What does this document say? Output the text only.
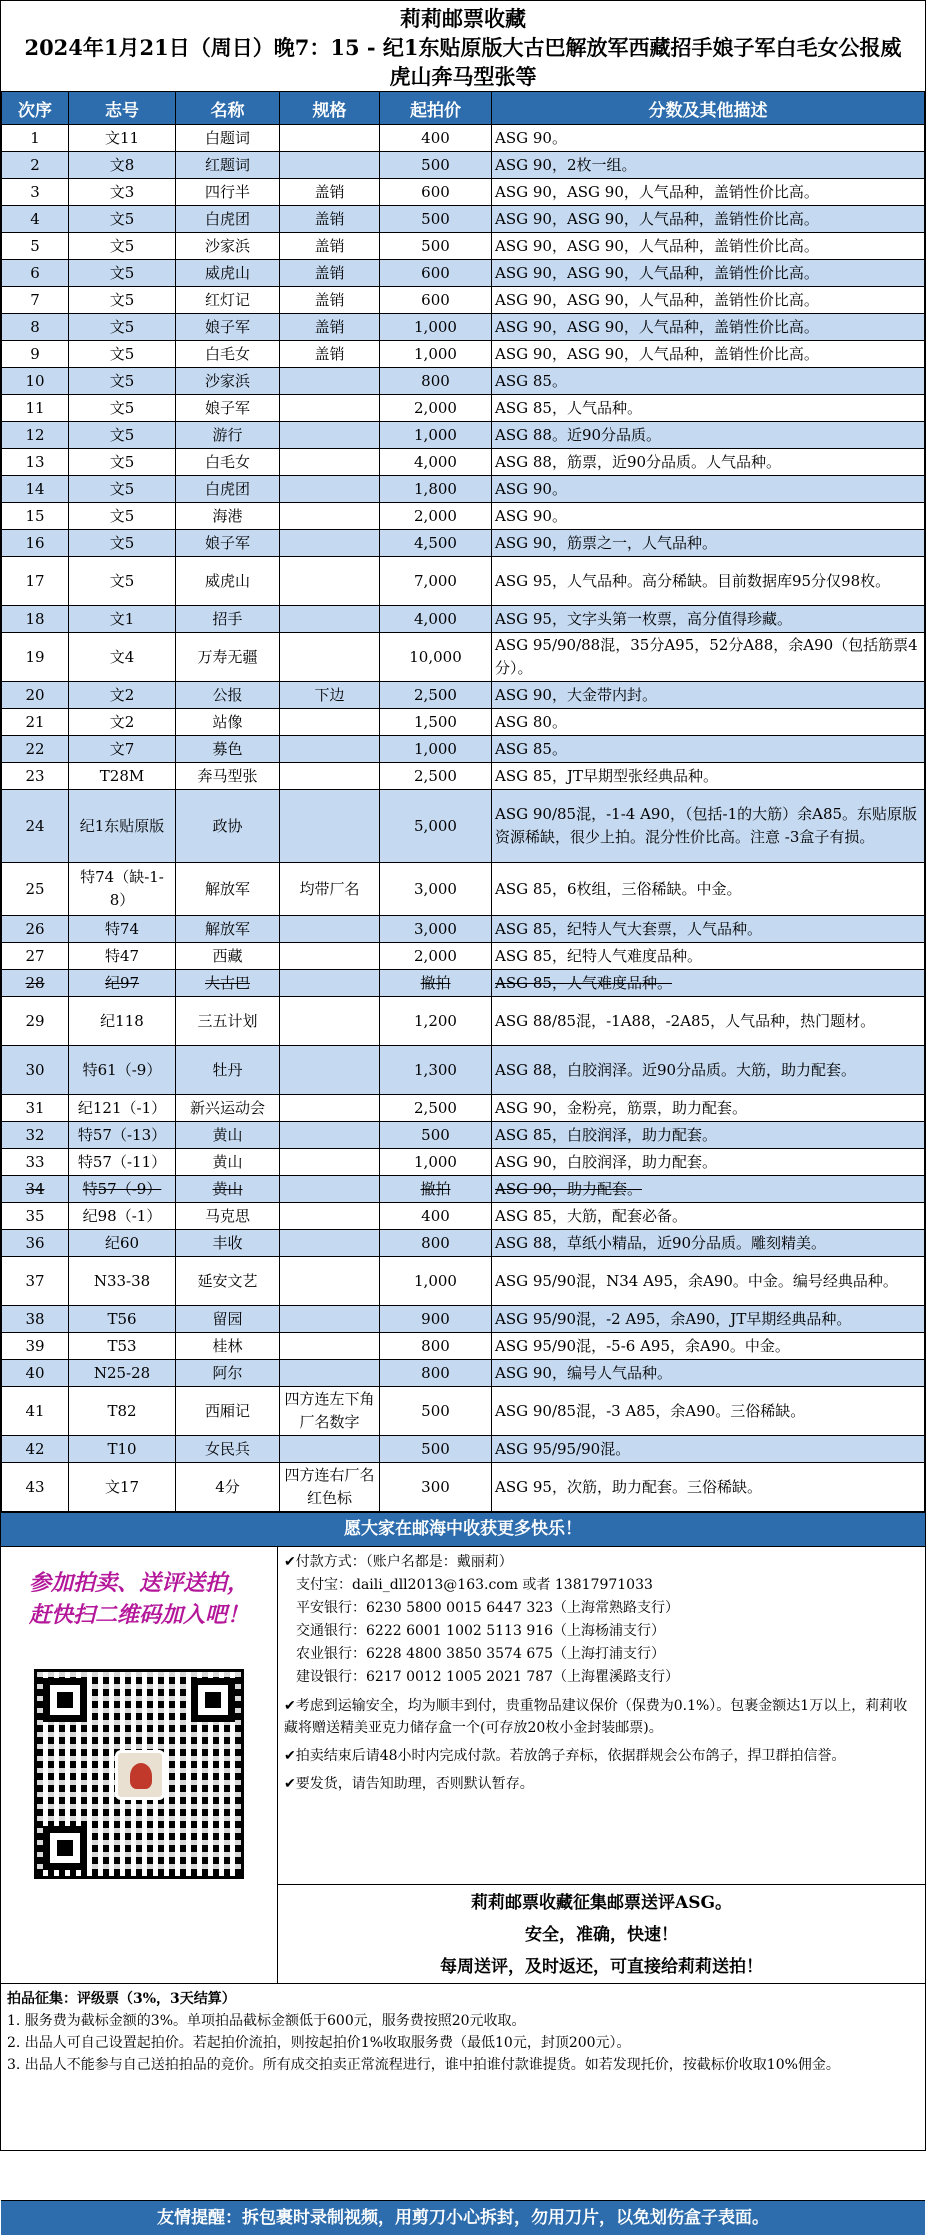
莉莉邮票收藏
2024年1月21日（周日）晚7：15 - 纪1东贴原版大古巴解放军西藏招手娘子军白毛女公报威
虎山奔马型张等
次序	志号	名称	规格	起拍价	分数及其他描述
1	文11	白题词		400	ASG 90。
2	文8	红题词		500	ASG 90，2枚一组。
3	文3	四行半	盖销	600	ASG 90，ASG 90，人气品种，盖销性价比高。
4	文5	白虎团	盖销	500	ASG 90，ASG 90，人气品种，盖销性价比高。
5	文5	沙家浜	盖销	500	ASG 90，ASG 90，人气品种，盖销性价比高。
6	文5	威虎山	盖销	600	ASG 90，ASG 90，人气品种，盖销性价比高。
7	文5	红灯记	盖销	600	ASG 90，ASG 90，人气品种，盖销性价比高。
8	文5	娘子军	盖销	1,000	ASG 90，ASG 90，人气品种，盖销性价比高。
9	文5	白毛女	盖销	1,000	ASG 90，ASG 90，人气品种，盖销性价比高。
10	文5	沙家浜		800	ASG 85。
11	文5	娘子军		2,000	ASG 85，人气品种。
12	文5	游行		1,000	ASG 88。近90分品质。
13	文5	白毛女		4,000	ASG 88，筋票，近90分品质。人气品种。
14	文5	白虎团		1,800	ASG 90。
15	文5	海港		2,000	ASG 90。
16	文5	娘子军		4,500	ASG 90，筋票之一，人气品种。
17	文5	威虎山		7,000	ASG 95，人气品种。高分稀缺。目前数据库95分仅98枚。
18	文1	招手		4,000	ASG 95，文字头第一枚票，高分值得珍藏。
19	文4	万寿无疆		10,000	ASG 95/90/88混，35分A95，52分A88，余A90（包括筋票4分）。
20	文2	公报	下边	2,500	ASG 90，大金带内封。
21	文2	站像		1,500	ASG 80。
22	文7	募色		1,000	ASG 85。
23	T28M	奔马型张		2,500	ASG 85，JT早期型张经典品种。
24	纪1东贴原版	政协		5,000	ASG 90/85混，-1-4 A90，（包括-1的大筋）余A85。东贴原版资源稀缺，很少上拍。混分性价比高。注意 -3盒子有损。
25	特74（缺-1-8）	解放军	均带厂名	3,000	ASG 85，6枚组，三俗稀缺。中金。
26	特74	解放军		3,000	ASG 85，纪特人气大套票，人气品种。
27	特47	西藏		2,000	ASG 85，纪特人气难度品种。
28	纪97	大古巴		撤拍	ASG 85，人气难度品种。
29	纪118	三五计划		1,200	ASG 88/85混，-1A88，-2A85，人气品种，热门题材。
30	特61（-9）	牡丹		1,300	ASG 88，白胶润泽。近90分品质。大筋，助力配套。
31	纪121（-1）	新兴运动会		2,500	ASG 90，金粉亮，筋票，助力配套。
32	特57（-13）	黄山		500	ASG 85，白胶润泽，助力配套。
33	特57（-11）	黄山		1,000	ASG 90，白胶润泽，助力配套。
34	特57（-9）	黄山		撤拍	ASG 90，助力配套。
35	纪98（-1）	马克思		400	ASG 85，大筋，配套必备。
36	纪60	丰收		800	ASG 88，草纸小精品，近90分品质。雕刻精美。
37	N33-38	延安文艺		1,000	ASG 95/90混，N34 A95，余A90。中金。编号经典品种。
38	T56	留园		900	ASG 95/90混，-2 A95，余A90，JT早期经典品种。
39	T53	桂林		800	ASG 95/90混，-5-6 A95，余A90。中金。
40	N25-28	阿尔		800	ASG 90，编号人气品种。
41	T82	西厢记	四方连左下角厂名数字	500	ASG 90/85混，-3 A85，余A90。三俗稀缺。
42	T10	女民兵		500	ASG 95/95/90混。
43	文17	4分	四方连右厂名红色标	300	ASG 95，次筋，助力配套。三俗稀缺。
愿大家在邮海中收获更多快乐！
参加拍卖、送评送拍，
赶快扫二维码加入吧！
✔付款方式：（账户名都是：戴丽莉）
支付宝：daili_dll2013@163.com 或者 13817971033
平安银行：6230 5800 0015 6447 323（上海常熟路支行）
交通银行：6222 6001 1002 5113 916（上海杨浦支行）
农业银行：6228 4800 3850 3574 675（上海打浦支行）
建设银行：6217 0012 1005 2021 787（上海瞿溪路支行）
✔考虑到运输安全，均为顺丰到付，贵重物品建议保价（保费为0.1%）。包裹金额达1万以上，莉莉收藏将赠送精美亚克力储存盒一个(可存放20枚小金封装邮票)。
✔拍卖结束后请48小时内完成付款。若放鸽子弃标，依据群规会公布鸽子，捍卫群拍信誉。
✔要发货，请告知助理，否则默认暂存。
莉莉邮票收藏征集邮票送评ASG。
安全，准确，快速！
每周送评，及时返还，可直接给莉莉送拍！
拍品征集：评级票（3%，3天结算）
1. 服务费为截标金额的3%。单项拍品截标金额低于600元，服务费按照20元收取。
2. 出品人可自己设置起拍价。若起拍价流拍，则按起拍价1%收取服务费（最低10元，封顶200元）。
3. 出品人不能参与自己送拍拍品的竞价。所有成交拍卖正常流程进行，谁中拍谁付款谁提货。如若发现托价，按截标价收取10%佣金。
友情提醒：拆包裹时录制视频，用剪刀小心拆封，勿用刀片，以免划伤盒子表面。
